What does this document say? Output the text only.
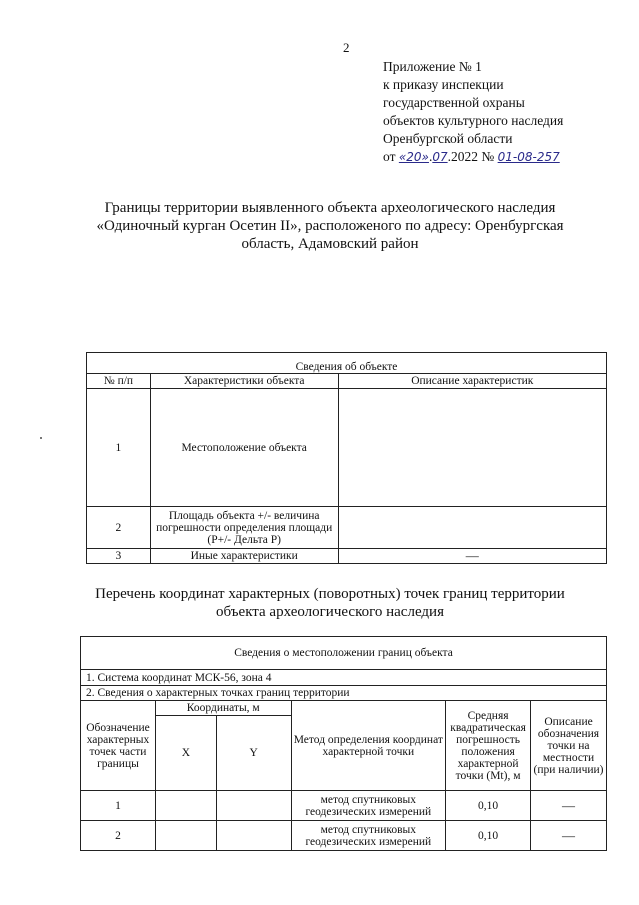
2
Приложение № 1
к приказу инспекции
государственной охраны
объектов культурного наследия
Оренбургской области
от «20».07.2022 № 01-08-257
Границы территории выявленного объекта археологического наследия
«Одиночный курган Осетин II», расположеного по адресу: Оренбургская
область, Адамовский район
Сведения об объекте		
№ п/п	Характеристики объекта	Описание характеристик
1	Местоположение объекта	
2	Площадь объекта +/- величина погрешности определения площади (Р+/- Дельта Р)	
3	Иные характеристики	—
Перечень координат характерных (поворотных) точек границ территории
объекта археологического наследия
Сведения о местоположении границ объекта					
1. Система координат МСК-56, зона 4					
2. Сведения о характерных точках границ территории					
Обозначение характерных точек части границы	Координаты, м		Метод определения координат характерной точки	Средняя квадратическая погрешность положения характерной точки (Мt), м	Описание обозначения точки на местности (при наличии)
	X	Y			
1			метод спутниковых геодезических измерений	0,10	—
2			метод спутниковых геодезических измерений	0,10	—
